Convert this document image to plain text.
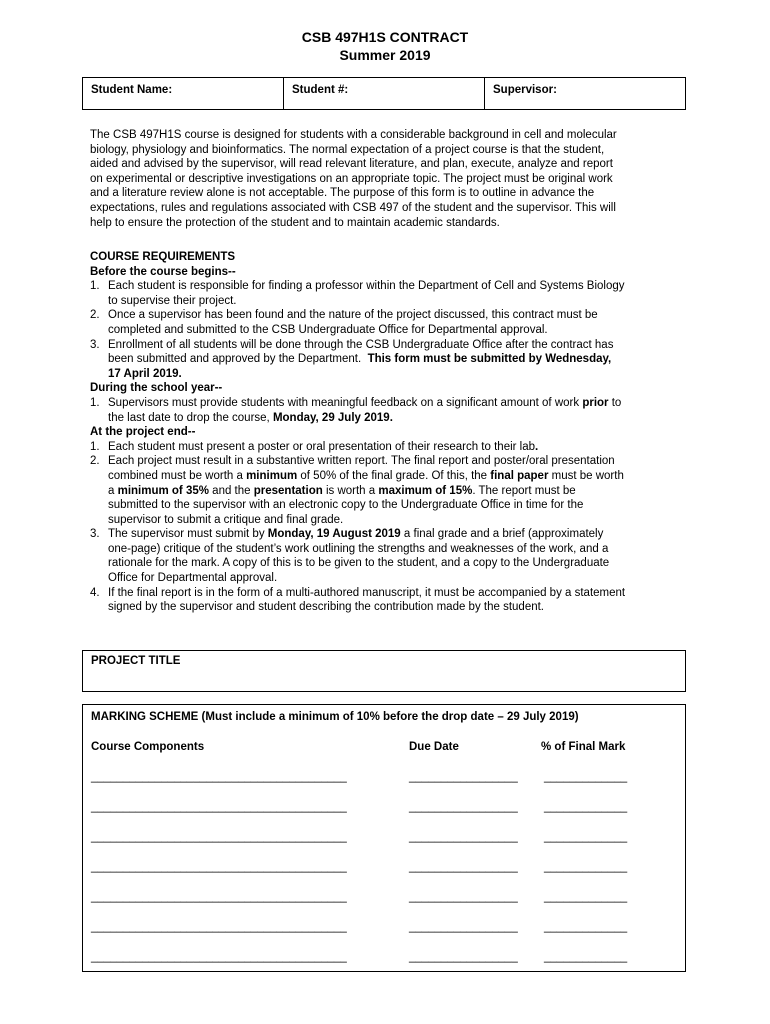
CSB 497H1S CONTRACT
Summer 2019
Student Name:	Student #:	Supervisor:
The CSB 497H1S course is designed for students with a considerable background in cell and molecular
biology, physiology and bioinformatics. The normal expectation of a project course is that the student,
aided and advised by the supervisor, will read relevant literature, and plan, execute, analyze and report
on experimental or descriptive investigations on an appropriate topic. The project must be original work
and a literature review alone is not acceptable. The purpose of this form is to outline in advance the
expectations, rules and regulations associated with CSB 497 of the student and the supervisor. This will
help to ensure the protection of the student and to maintain academic standards.
COURSE REQUIREMENTS
Before the course begins--
1. Each student is responsible for finding a professor within the Department of Cell and Systems Biology
to supervise their project.
2. Once a supervisor has been found and the nature of the project discussed, this contract must be
completed and submitted to the CSB Undergraduate Office for Departmental approval.
3. Enrollment of all students will be done through the CSB Undergraduate Office after the contract has
been submitted and approved by the Department. This form must be submitted by Wednesday,
17 April 2019.
During the school year--
1. Supervisors must provide students with meaningful feedback on a significant amount of work prior to
the last date to drop the course, Monday, 29 July 2019.
At the project end--
1. Each student must present a poster or oral presentation of their research to their lab.
2. Each project must result in a substantive written report. The final report and poster/oral presentation
combined must be worth a minimum of 50% of the final grade. Of this, the final paper must be worth
a minimum of 35% and the presentation is worth a maximum of 15%. The report must be
submitted to the supervisor with an electronic copy to the Undergraduate Office in time for the
supervisor to submit a critique and final grade.
3. The supervisor must submit by Monday, 19 August 2019 a final grade and a brief (approximately
one-page) critique of the student’s work outlining the strengths and weaknesses of the work, and a
rationale for the mark. A copy of this is to be given to the student, and a copy to the Undergraduate
Office for Departmental approval.
4. If the final report is in the form of a multi-authored manuscript, it must be accompanied by a statement
signed by the supervisor and student describing the contribution made by the student.
PROJECT TITLE
MARKING SCHEME (Must include a minimum of 10% before the drop date – 29 July 2019)
Course Components	Due Date	% of Final Mark
________________________________________	_________________ _____________
________________________________________	_________________ _____________
________________________________________	_________________ _____________
________________________________________	_________________ _____________
________________________________________	_________________ _____________
________________________________________	_________________ _____________
________________________________________	_________________ _____________
